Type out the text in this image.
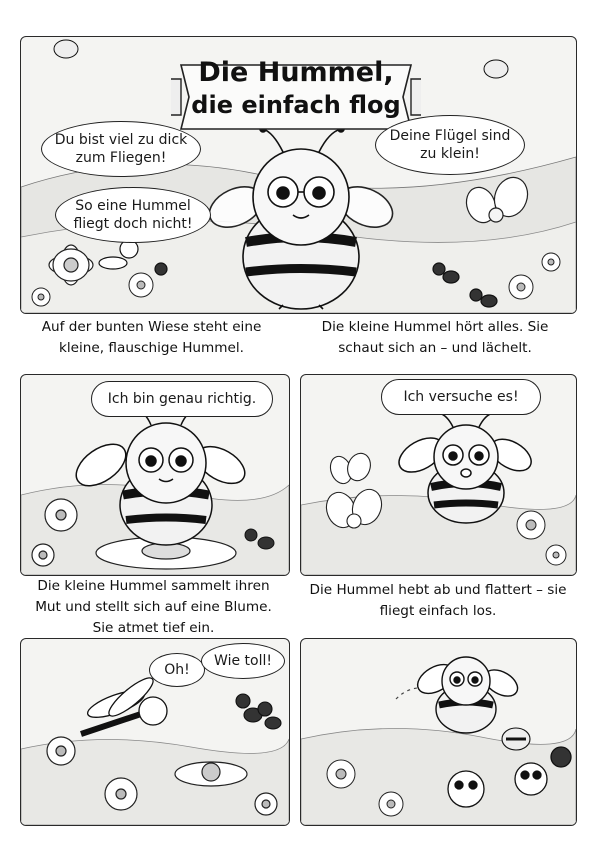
Die Hummel,
die einfach flog
Du bist viel zu dick zum Fliegen!
So eine Hummel fliegt doch nicht!
Deine Flügel sind zu klein!
Auf der bunten Wiese steht eine kleine, flauschige Hummel.
Die kleine Hummel hört alles. Sie schaut sich an – und lächelt.
Ich bin genau richtig.	Ich versuche es!
Die kleine Hummel sammelt ihren Mut und stellt sich auf eine Blume. Sie atmet tief ein.
Die Hummel hebt ab und flattert – sie fliegt einfach los.
Oh!
Wie toll!
